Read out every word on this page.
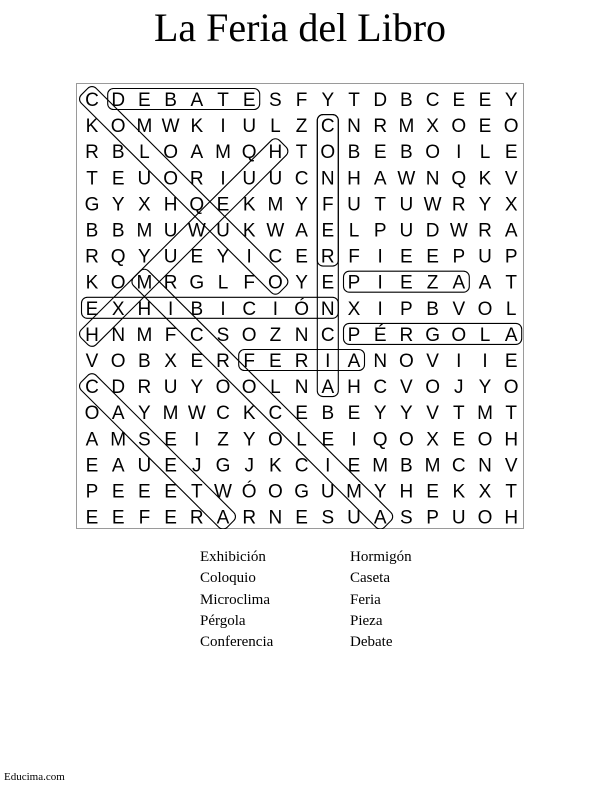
La Feria del Libro
C D E B A T E S F Y T D B C E E Y
K O M W K I U L Z C N R M X O E O
R B L O A M Q H T O B E B O I L E
T E U O R I U U C N H A W N Q K V
G Y X H Q E K M Y F U T U W R Y X
B B M U W U K W A E L P U D W R A
R Q Y U E Y I C E R F I E E P U P
K O M R G L F O Y E P I E Z A A T
E X H I B I C I Ó N X I P B V O L
H N M F C S O Z N C P É R G O L A
V O B X E R F E R I A N O V I I E
C D R U Y O O L N A H C V O J Y O
O A Y M W C K C E B E Y Y V T M T
A M S E I Z Y O L E I Q O X E O H
E A U E J G J K C I E M B M C N V
P E E E T W Ó O G U M Y H E K X T
E E F E R A R N E S U A S P U O H
Exhibición	Hormigón
Coloquio	Caseta
Microclima	Feria
Pérgola	Pieza
Conferencia	Debate
Educima.com
